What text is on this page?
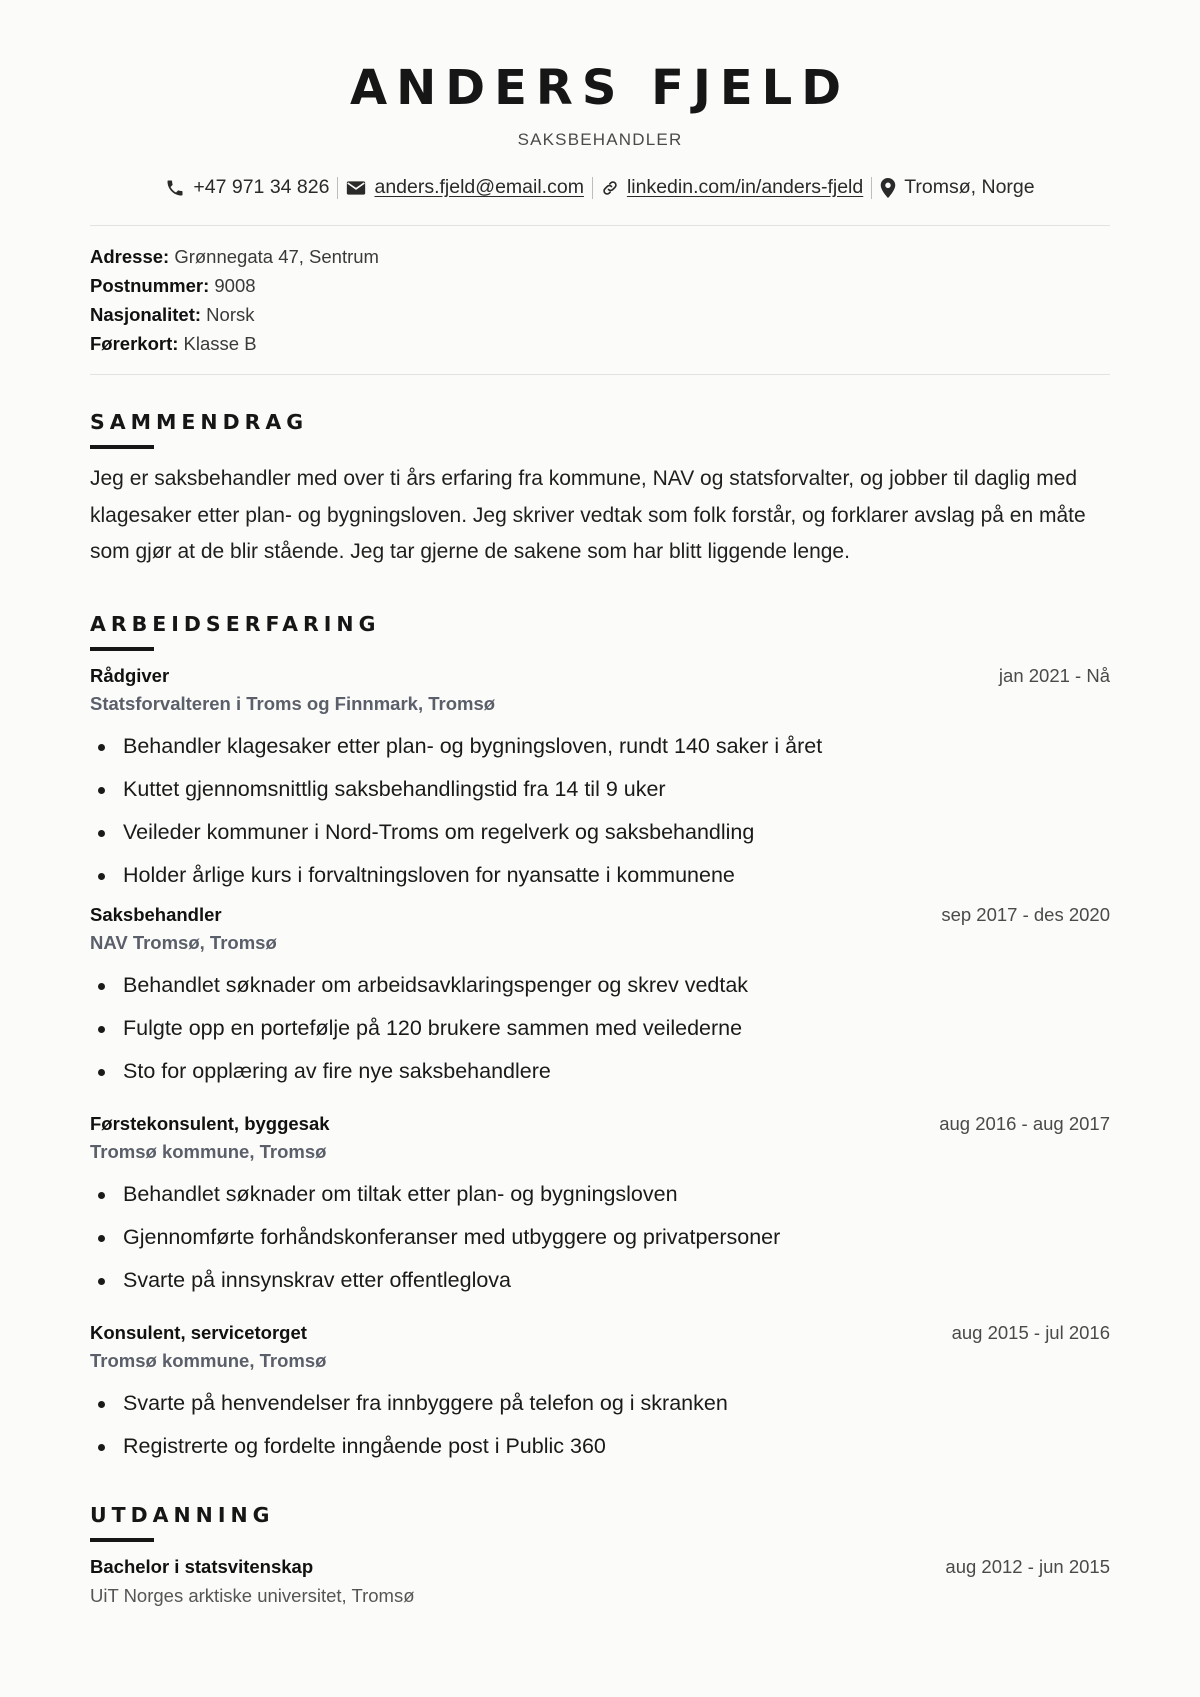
ANDERS FJELD
SAKSBEHANDLER
+47 971 34 826 anders.fjeld@email.com linkedin.com/in/anders-fjeld Tromsø, Norge
Adresse: Grønnegata 47, Sentrum
Postnummer: 9008
Nasjonalitet: Norsk
Førerkort: Klasse B
SAMMENDRAG

Jeg er saksbehandler med over ti års erfaring fra kommune, NAV og statsforvalter, og jobber til daglig med klagesaker etter plan- og bygningsloven. Jeg skriver vedtak som folk forstår, og forklarer avslag på en måte som gjør at de blir stående. Jeg tar gjerne de sakene som har blitt liggende lenge.

ARBEIDSERFARING
Rådgiver	jan 2021 - Nå
Statsforvalteren i Troms og Finnmark, Tromsø
Behandler klagesaker etter plan- og bygningsloven, rundt 140 saker i året
Kuttet gjennomsnittlig saksbehandlingstid fra 14 til 9 uker
Veileder kommuner i Nord-Troms om regelverk og saksbehandling
Holder årlige kurs i forvaltningsloven for nyansatte i kommunene
Saksbehandler	sep 2017 - des 2020
NAV Tromsø, Tromsø
Behandlet søknader om arbeidsavklaringspenger og skrev vedtak
Fulgte opp en portefølje på 120 brukere sammen med veilederne
Sto for opplæring av fire nye saksbehandlere
Førstekonsulent, byggesak	aug 2016 - aug 2017
Tromsø kommune, Tromsø
Behandlet søknader om tiltak etter plan- og bygningsloven
Gjennomførte forhåndskonferanser med utbyggere og privatpersoner
Svarte på innsynskrav etter offentleglova
Konsulent, servicetorget	aug 2015 - jul 2016
Tromsø kommune, Tromsø
Svarte på henvendelser fra innbyggere på telefon og i skranken
Registrerte og fordelte inngående post i Public 360
UTDANNING
Bachelor i statsvitenskap	aug 2012 - jun 2015
UiT Norges arktiske universitet, Tromsø
